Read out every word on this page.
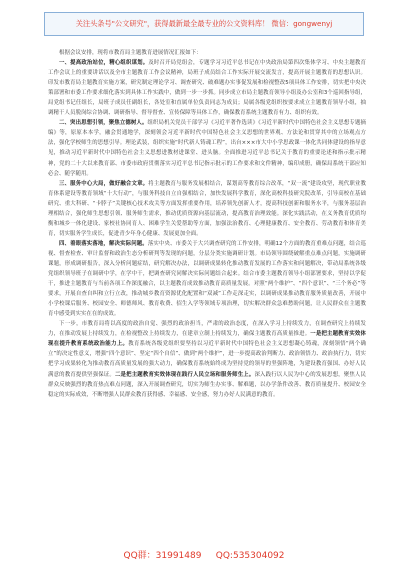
关注头条号"公文研究"，获得最新最全最专业的公文资料库！ 微信：gongwenyj

根据会议安排，现将市教育局主题教育进展情况汇报如下：

一、提高政治站位，精心组织谋划。及时召开局党组会，专题学习习近平总书记在中央政治局第四次集体学习、中央主题教育工作会议上的重要讲话以及全市主题教育工作会议精神，局班子成员结合工作实际开展交流发言，提高开展主题教育的思想认识。印发市教育局主题教育实施方案，研究制定理论学习、调查研究、破难题办实事促发展和检视整改5项具体工作安排，切实把中央决策部署和市委工作要求细化落实到具体工作实践中，做到一步一步抓。同步成立市局主题教育领导小组及办公室和3个巡回指导组，局党组书记任组长，局班子成员任副组长，各处室和直属单位负责同志为成员；局属各级党组织按要求成立主题教育领导小组，抽调精干人员脱岗综合协调、调研指导、督导督查、宣传保障等具体工作，确保教育系统主题教育有力、组织有效。

二、突出思想引领，聚焦立德树人。组织局机关党员干部学习《习近平著作选读》《习近平新时代中国特色社会主义思想专题摘编》等，原原本本学，融会贯通地学，深刻领会习近平新时代中国特色社会主义思想的世界观、方法论和贯穿其中的立场观点方法，强化学校师生的思想引导。理论武装，组织实施“时代新人铸魂工程”，出台×××市大中小学思政课一体化共同体建设的指导意见，推动习近平新时代中国特色社会主义思想进教材进课堂、进头脑。全面推进习近平总书记关于教育的重要论述和指示批示精神，党的二十大以来教育部、市委市政府贯彻落实习近平总书记指示批示的工作要求和文件精神，编印成册，确保局系统干部应知必会、随学随用。

三、服务中心大局，做好融合文章。将主题教育与服务发展相结合，谋划高等教育综合改革，“双一流”建设攻坚，现代职业教育体系建设等教育领域“十大行动”，与服务科技自立自强相结合，加快发展科学教育，深化高校科技研究院改革，引导高校在基础研究、重大科研、“卡脖子”关键核心技术攻关等方面发挥重要作用，培养领先创新人才，提高科技创新和服务水平，与服务基层治理相结合，强化师生思想引领、服务师生需求，推动优质资源向基层流动，提高教育治理效能。深化实践活动，在义务教育优质均衡和城乡一体化建设、家校社协同育人、困难学生关爱帮助等方面，加强法治教育、心理健康教育、安全教育、劳动教育和体育美育，切实服务学生成长，促进青少年身心健康、发展更加全面。

四、着眼落实落地，解决实际问题。落实中央、市委关于大兴调查研究的工作安排，明确12个方面的教育重难点问题，结合巡视、督查检查、审计监督和政治生态分析研判等发现的问题，分层分类实施调研计划。市局领导围绕破解重点难点问题，实施调研课题，形成调研报告，深入分析问题症结，研究解决办法，以调研成果转化推动教育发展的工作落实和问题解决，带动局系统各级党组织领导班子在调研中学，在学中干，把调查研究同解决实际问题结合起来。结合市委主题教育领导小组部署要求，坚持以学促干，推进主题教育与当前各项工作深度融合，以主题教育成效推动教育高质量发展。对照“两个维护”、“四个意识”、“三个务必”等要求，开展自查自纠和立行立改，推动城乡教育资源优化配置和“双减”工作走深走实，以调研成果推动教育服务质量改善，开展中小学校课后服务、校园安全、师德师风、教育收费、招生入学等领域专项治理，切实解决群众急难愁盼问题，让人民群众在主题教育中感受到实实在在的成效。

下一步，市教育局将以高度的政治自觉、强烈的政治担当，严肃的政治态度，在深入学习上持续发力，在调查研究上持续发力，在推动发展上持续发力，在检视整改上持续发力，在建章立制上持续发力，确保主题教育高质量推进。一是把主题教育实效体现在提升教育系统政治能力上。教育系统各级党组织要坚持以习近平新时代中国特色社会主义思想凝心铸魂，深刻领悟“两个确立”的决定性意义，增强“四个意识”、坚定“四个自信”、做到“两个维护”，进一步提高政治判断力、政治领悟力、政治执行力，切实把学习成果转化为推动教育高质量发展的强大动力，确保教育系统始终成为坚持党的领导的坚强阵地，为建设教育强国、办好人民满意的教育提供坚强保证。二是把主题教育实效体现在践行人民立场和服务师生上。深入践行以人民为中心的发展思想，聚焦人民群众反映强烈的教育热点难点问题，深入开展调查研究，切实为师生办实事、解难题，以办学条件改善、教育质量提升、校园安全稳定的实际成效，不断增强人民群众教育获得感、幸福感、安全感，努力办好人民满意的教育。

QQ群：31991489     QQ:535304092
